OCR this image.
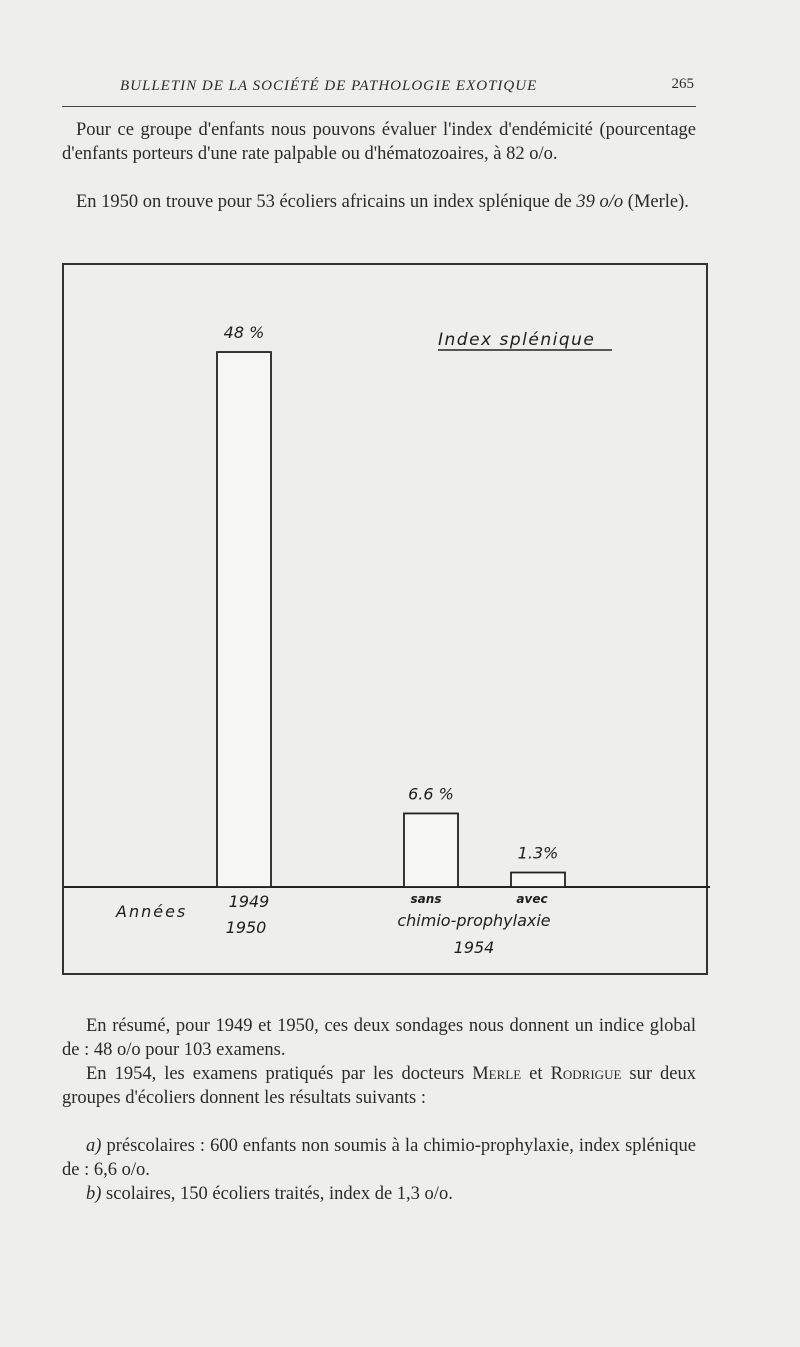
BULLETIN DE LA SOCIÉTÉ DE PATHOLOGIE EXOTIQUE	265

Pour ce groupe d'enfants nous pouvons évaluer l'index d'endémicité (pourcentage d'enfants porteurs d'une rate palpable ou d'hématozoaires, à 82 o/o.

En 1950 on trouve pour 53 écoliers africains un index splénique de 39 o/o (Merle).

48 %
6.6 %
1.3%
Index splénique
Années
1949
1950
sans	avec
chimio-prophylaxie
1954

En résumé, pour 1949 et 1950, ces deux sondages nous donnent un indice global de : 48 o/o pour 103 examens.

En 1954, les examens pratiqués par les docteurs Merle et Rodrigue sur deux groupes d'écoliers donnent les résultats suivants :

a) préscolaires : 600 enfants non soumis à la chimio-prophylaxie, index splénique de : 6,6 o/o.

b) scolaires, 150 écoliers traités, index de 1,3 o/o.
